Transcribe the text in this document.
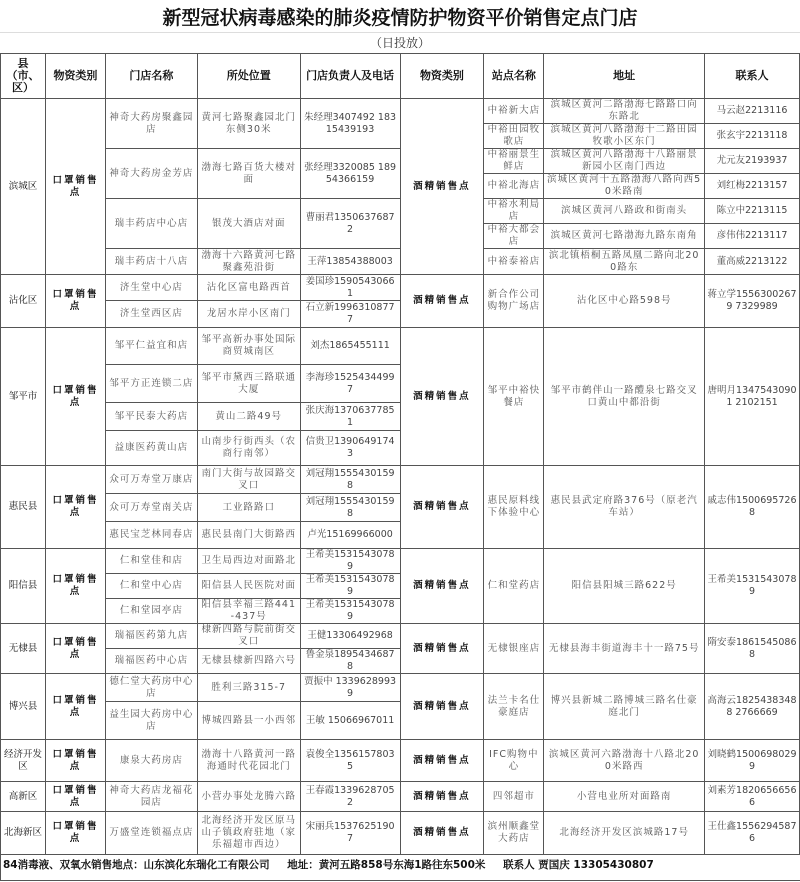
新型冠状病毒感染的肺炎疫情防护物资平价销售定点门店
（日投放）
县（市、区）	物资类别	门店名称	所处位置	门店负责人及电话	物资类别	站点名称	地址	联系人
滨城区	口罩销售点	神奇大药房聚鑫园店	黄河七路聚鑫园北门东侧30米	朱经理3407492 18315439193	酒精销售点	中裕新大店	滨城区黄河二路渤海七路路口向东路北	马云赵2213116
						中裕田园牧歌店	滨城区黄河八路渤海十二路田园牧歌小区东门	张玄宇2213118
		神奇大药房金芳店	渤海七路百货大楼对面	张经理3320085 18954366159		中裕丽景生鲜店	滨城区黄河八路渤海十八路丽景新园小区南门西边	尤元友2193937
						中裕北海店	滨城区黄河十五路渤海八路向西50米路南	刘红梅2213157
		瑞丰药店中心店	银茂大酒店对面	曹丽君13506376872		中裕水利局店	滨城区黄河八路政和街南头	陈立中2213115
						中裕大都会店	滨城区黄河七路渤海九路东南角	彦伟伟2213117
		瑞丰药店十八店	渤海十六路黄河七路聚鑫苑沿街	王萍13854388003		中裕泰裕店	滨北镇梧桐五路凤凰二路向北200路东	董高威2213122
沾化区	口罩销售点	济生堂中心店	沾化区富电路西首	姜国珍15905430661	酒精销售点	新合作公司购物广场店	沾化区中心路598号	蒋立学15563002679 7329989
		济生堂西区店	龙居水岸小区南门	石立新19963108777				
邹平市	口罩销售点	邹平仁益宜和店	邹平高新办事处国际商贸城南区	刘杰1865455111	酒精销售点	邹平中裕快餐店	邹平市鹤伴山一路醴泉七路交叉口黄山中都沿街	唐明月13475430901 2102151
		邹平方正连锁二店	邹平市黛西三路联通大厦	李海珍15254344997				
		邹平民泰大药店	黄山二路49号	张庆海13706377851				
		益康医药黄山店	山南步行街西头（农商行南邻）	信贵卫13906491743				
惠民县	口罩销售点	众可万寿堂万康店	南门大街与故园路交叉口	刘冠翔15554301598	酒精销售点	惠民原料线下体验中心	惠民县武定府路376号（原老汽车站）	戚志伟15006957268
		众可万寿堂南关店	工业路路口	刘冠翔15554301598				
		惠民宝芝林同春店	惠民县南门大街路西	卢光15169966000				
阳信县	口罩销售点	仁和堂佳和店	卫生局西边对面路北	王希美15315430789	酒精销售点	仁和堂药店	阳信县阳城三路622号	王希美15315430789
		仁和堂中心店	阳信县人民医院对面	王希美15315430789				
		仁和堂园亭店	阳信县幸福三路441-437号	王希美15315430789				
无棣县	口罩销售点	瑞福医药第九店	棣新四路与院前街交叉口	王健13306492968	酒精销售点	无棣银座店	无棣县海丰街道海丰十一路75号	隋安泰18615450868
		瑞福医药中心店	无棣县棣新四路六号	鲁金泉18954346878				
博兴县	口罩销售点	德仁堂大药房中心店	胜利三路315-7	贾振中 13396289939	酒精销售点	法兰卡名仕豪庭店	博兴县新城二路博城三路名仕豪庭北门	高海云18254383488 2766669
		益生园大药房中心店	博城四路县一小西邻	王敏 15066967011				
经济开发区	口罩销售点	康泉大药房店	渤海十八路黄河一路海通时代花园北门	袁俊全13561578035	酒精销售点	IFC购物中心	滨城区黄河六路渤海十八路北200米路西	刘晓鹤15006980299
高新区	口罩销售点	神奇大药店龙福花园店	小营办事处龙腾六路	王春霞13396287052	酒精销售点	四邻超市	小营电业所对面路南	刘素芳18206566566
北海新区	口罩销售点	万盛堂连锁福点店	北海经济开发区原马山子镇政府驻地（家乐福超市西边）	宋丽兵15376251907	酒精销售点	滨州顺鑫堂大药店	北海经济开发区滨城路17号	王仕鑫15562945876
84消毒液、双氧水销售地点：山东滨化东瑞化工有限公司 地址：黄河五路858号东海1路往东500米 联系人 贾国庆 13305430807
